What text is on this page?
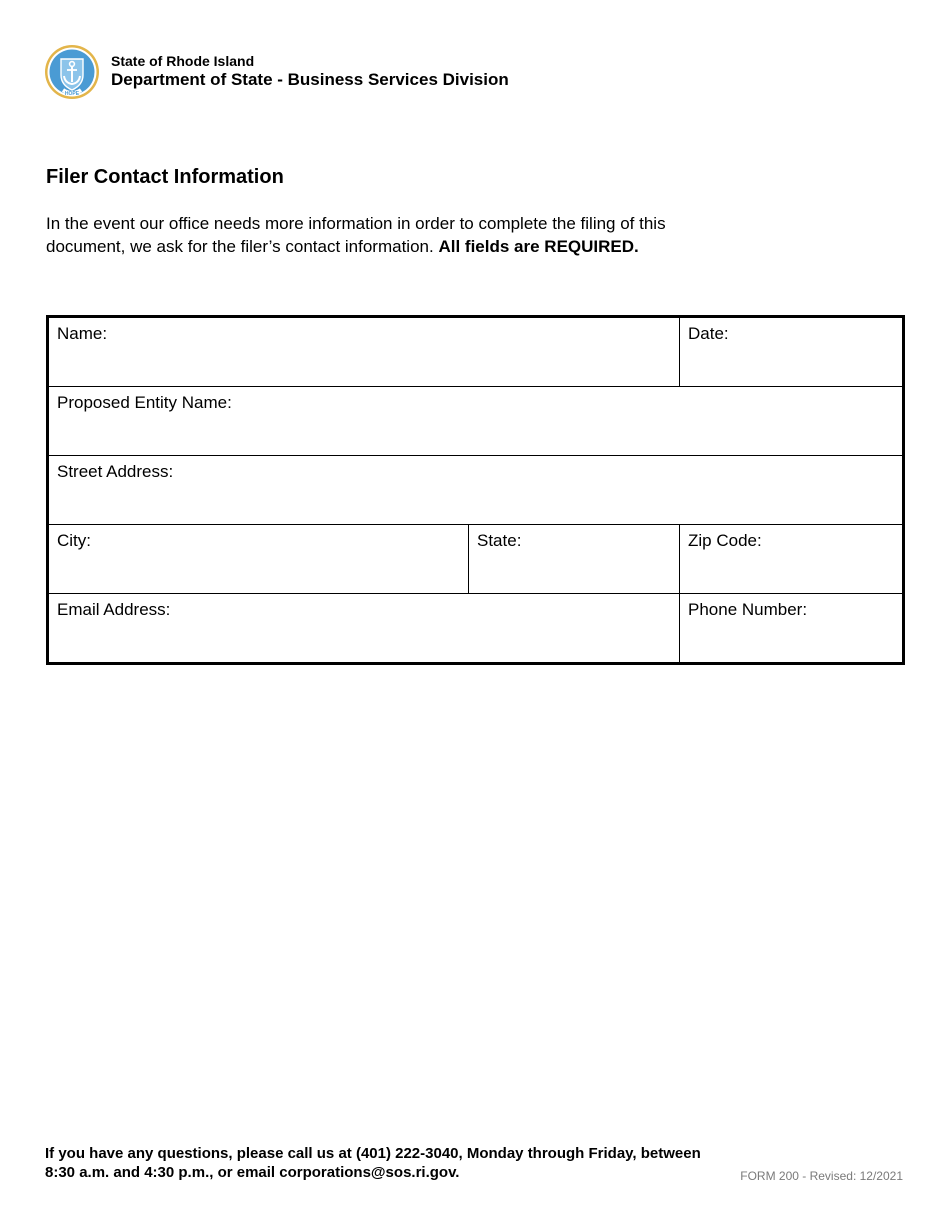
HOPE
State of Rhode Island
Department of State - Business Services Division
Filer Contact Information

In the event our office needs more information in order to complete the filing of this document, we ask for the filer’s contact information. All fields are REQUIRED.

Name:	Date:
Proposed Entity Name:
Street Address:
City:	State:	Zip Code:
Email Address:	Phone Number:

If you have any questions, please call us at (401) 222-3040, Monday through Friday, between 8:30 a.m. and 4:30 p.m., or email corporations@sos.ri.gov.	FORM 200 - Revised: 12/2021
